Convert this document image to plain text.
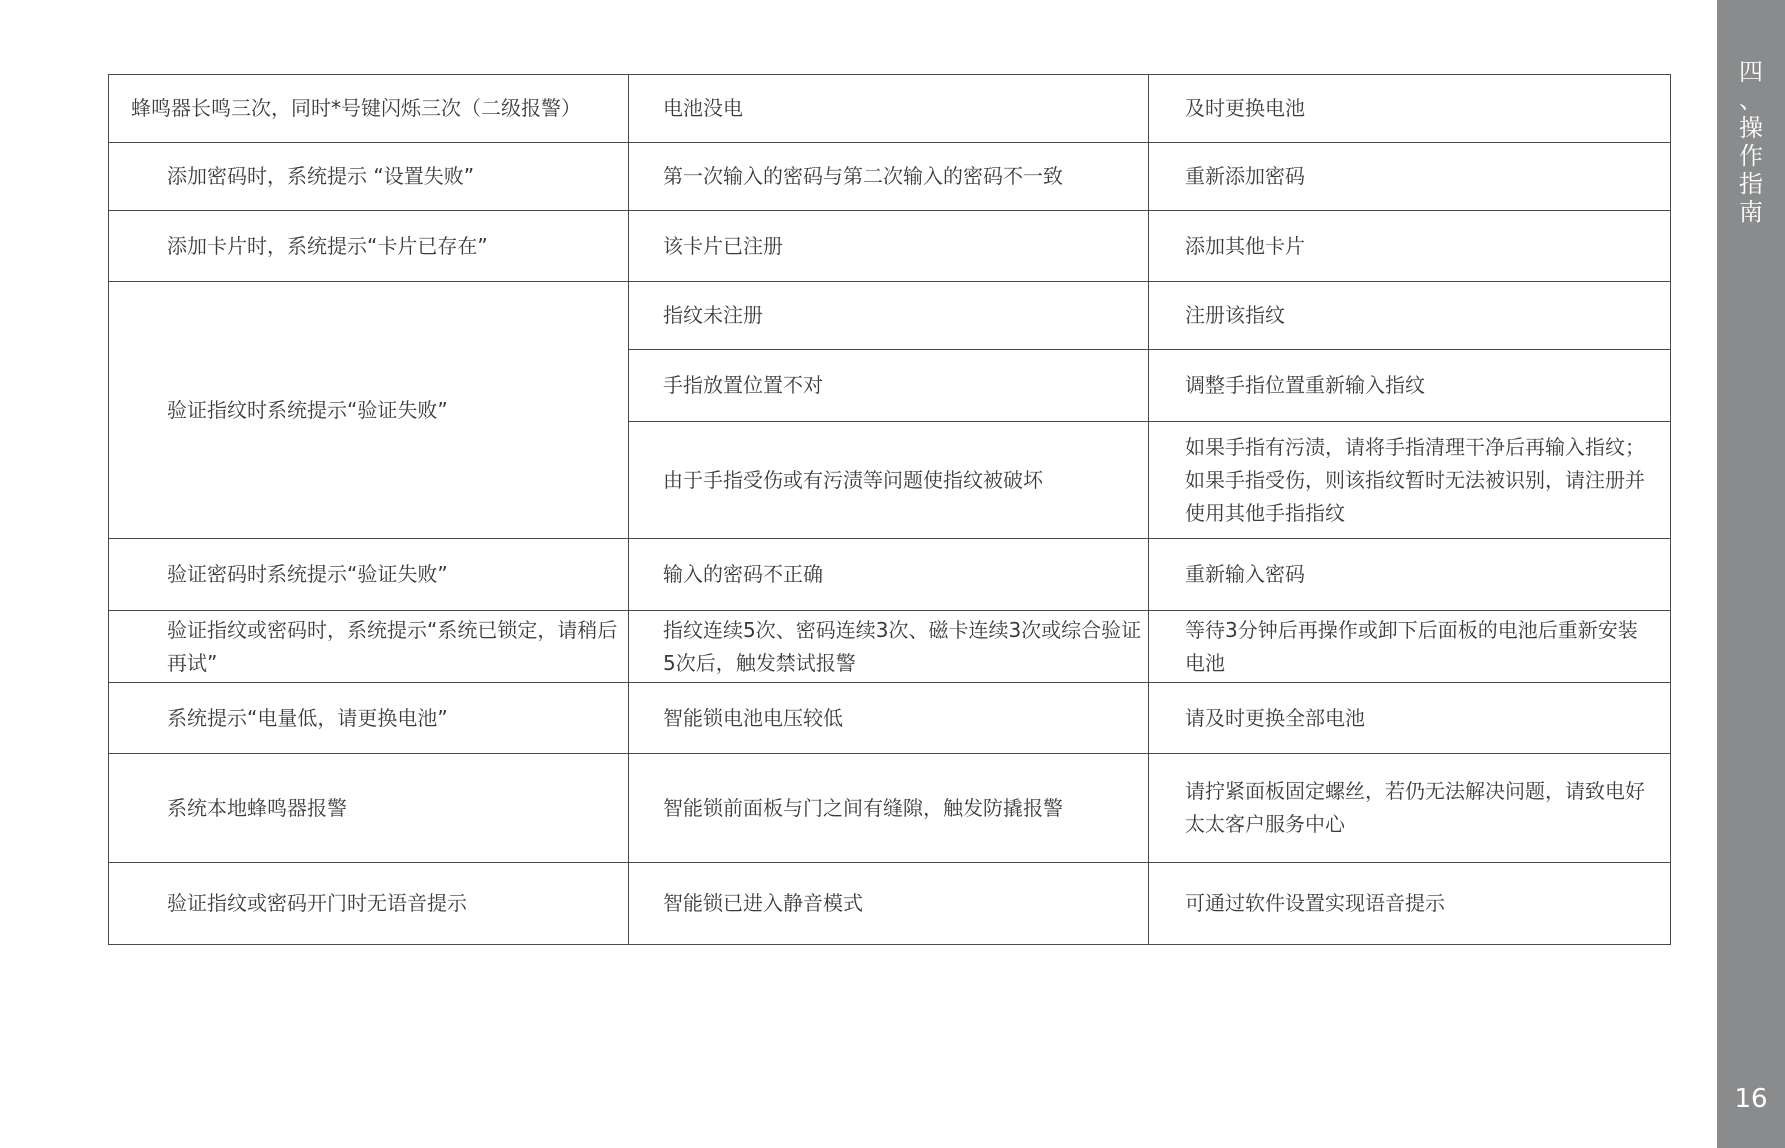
四
、
操
作
指
南
16
蜂鸣器长鸣三次，同时*号键闪烁三次（二级报警）	电池没电	及时更换电池
添加密码时，系统提示 “设置失败”	第一次输入的密码与第二次输入的密码不一致	重新添加密码
添加卡片时，系统提示“卡片已存在”	该卡片已注册	添加其他卡片
验证指纹时系统提示“验证失败”	指纹未注册	注册该指纹
	手指放置位置不对	调整手指位置重新输入指纹
	由于手指受伤或有污渍等问题使指纹被破坏	如果手指有污渍，请将手指清理干净后再输入指纹；如果手指受伤，则该指纹暂时无法被识别，请注册并使用其他手指指纹
验证密码时系统提示“验证失败”	输入的密码不正确	重新输入密码
验证指纹或密码时，系统提示“系统已锁定，请稍后再试”	指纹连续5次、密码连续3次、磁卡连续3次或综合验证5次后，触发禁试报警	等待3分钟后再操作或卸下后面板的电池后重新安装电池
系统提示“电量低，请更换电池”	智能锁电池电压较低	请及时更换全部电池
系统本地蜂鸣器报警	智能锁前面板与门之间有缝隙，触发防撬报警	请拧紧面板固定螺丝，若仍无法解决问题，请致电好太太客户服务中心
验证指纹或密码开门时无语音提示	智能锁已进入静音模式	可通过软件设置实现语音提示
